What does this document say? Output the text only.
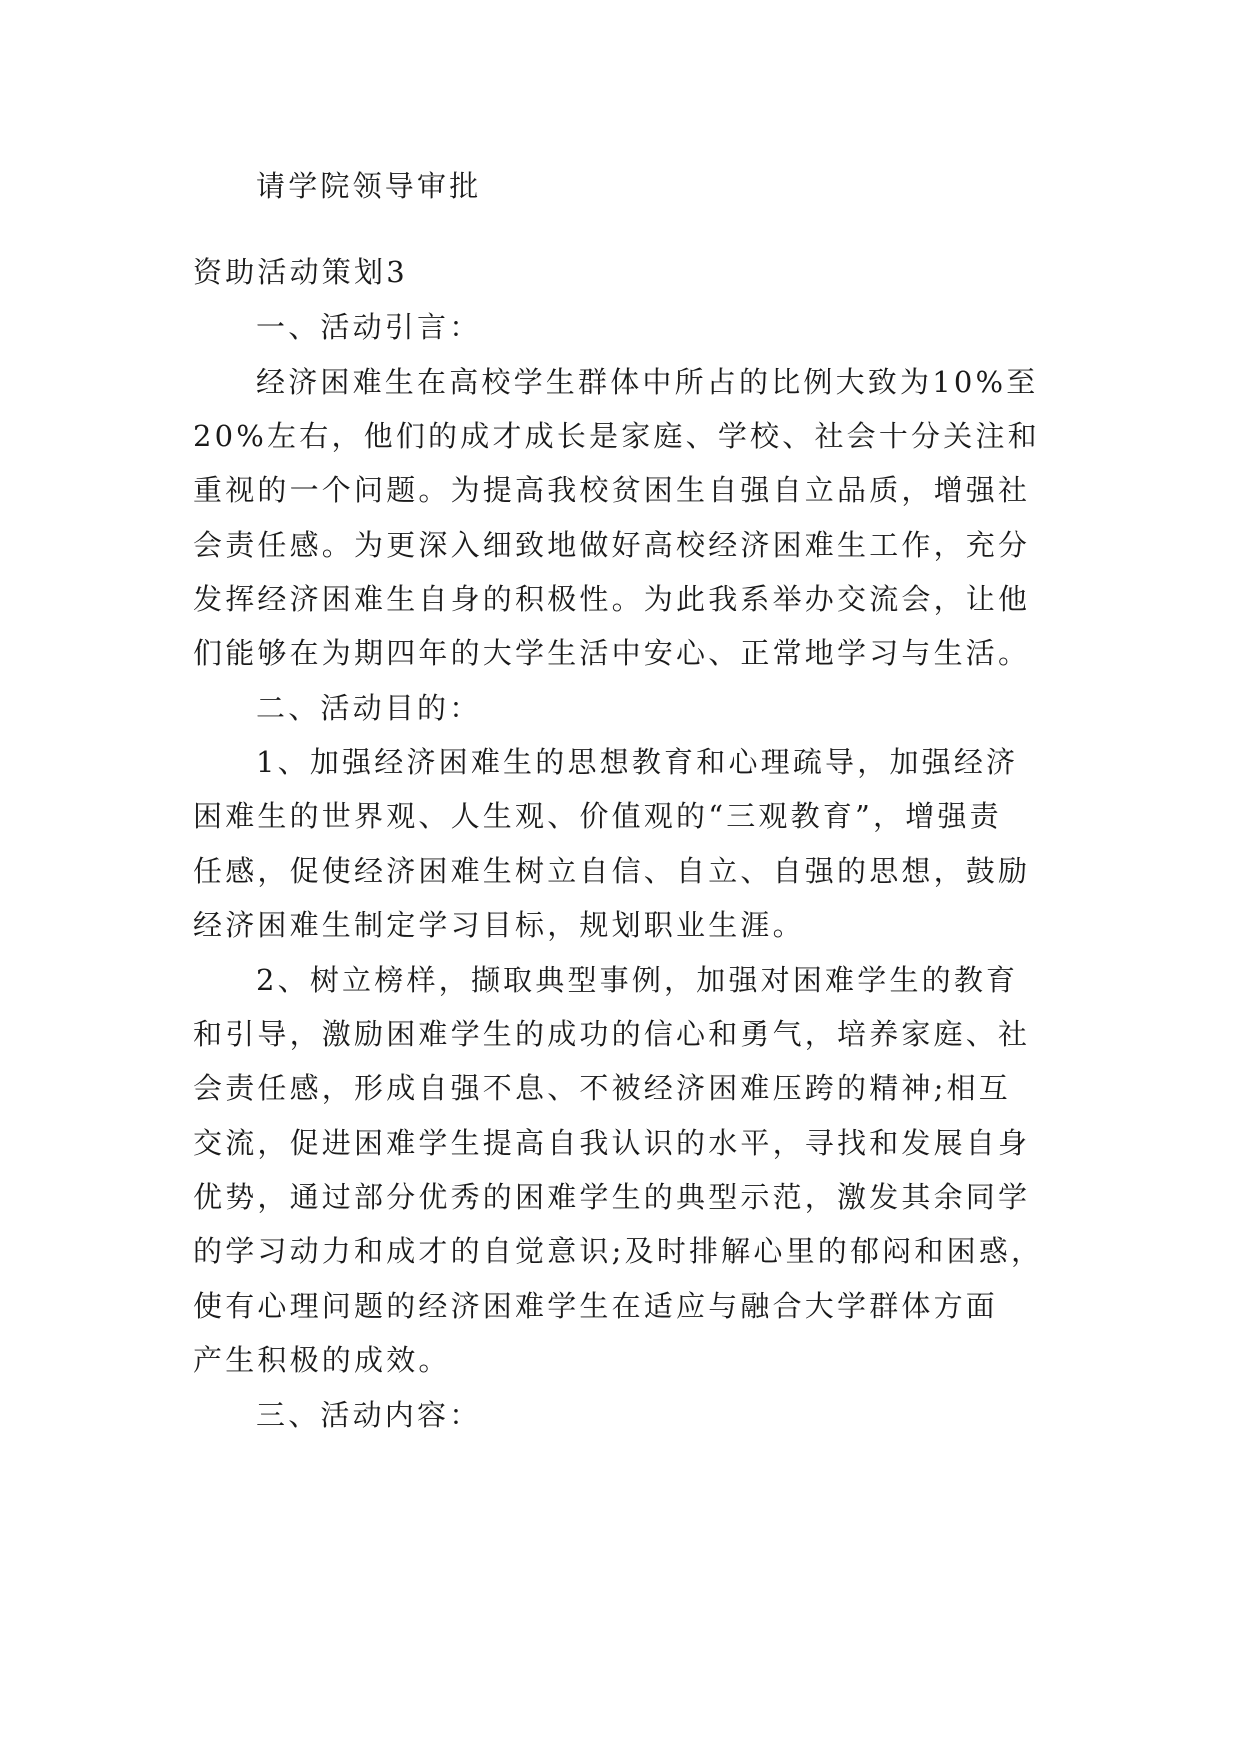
请学院领导审批
资助活动策划3
一、活动引言：
经济困难生在高校学生群体中所占的比例大致为10%至
20%左右，他们的成才成长是家庭、学校、社会十分关注和
重视的一个问题。为提高我校贫困生自强自立品质，增强社
会责任感。为更深入细致地做好高校经济困难生工作，充分
发挥经济困难生自身的积极性。为此我系举办交流会，让他
们能够在为期四年的大学生活中安心、正常地学习与生活。
二、活动目的：
1、加强经济困难生的思想教育和心理疏导，加强经济
困难生的世界观、人生观、价值观的“三观教育”，增强责
任感，促使经济困难生树立自信、自立、自强的思想，鼓励
经济困难生制定学习目标，规划职业生涯。
2、树立榜样，撷取典型事例，加强对困难学生的教育
和引导，激励困难学生的成功的信心和勇气，培养家庭、社
会责任感，形成自强不息、不被经济困难压跨的精神;相互
交流，促进困难学生提高自我认识的水平，寻找和发展自身
优势，通过部分优秀的困难学生的典型示范，激发其余同学
的学习动力和成才的自觉意识;及时排解心里的郁闷和困惑，
使有心理问题的经济困难学生在适应与融合大学群体方面
产生积极的成效。
三、活动内容：
